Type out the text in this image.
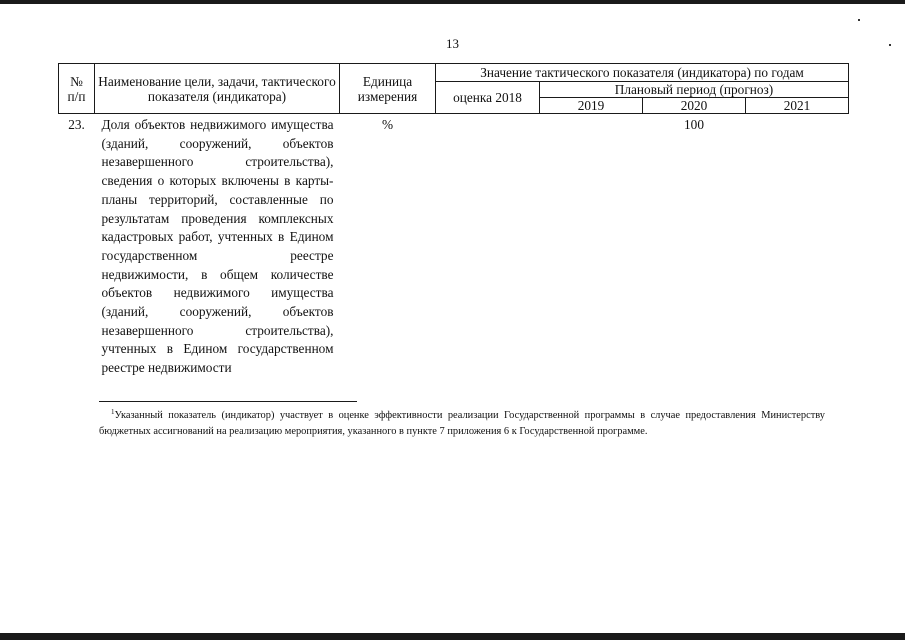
13
№
п/п	Наименование цели, задачи, тактического показателя (индикатора)	Единица измерения	Значение тактического показателя (индикатора) по годам			
			оценка 2018	Плановый период (прогноз)		
				2019	2020	2021
23.	Доля объектов недвижимого имущества (зданий, сооружений, объектов незавершенного строительства), сведения о которых включены в карты-планы территорий, составленные по результатам проведения комплексных кадастровых работ, учтенных в Едином государственном реестре недвижимости, в общем количестве объектов недвижимого имущества (зданий, сооружений, объектов незавершенного строительства), учтенных в Едином государственном реестре недвижимости	%			100	
$^1$Указанный показатель (индикатор) участвует в оценке эффективности реализации Государственной программы в случае предоставления Министерству бюджетных ассигнований на реализацию мероприятия, указанного в пункте 7 приложения 6 к Государственной программе.
